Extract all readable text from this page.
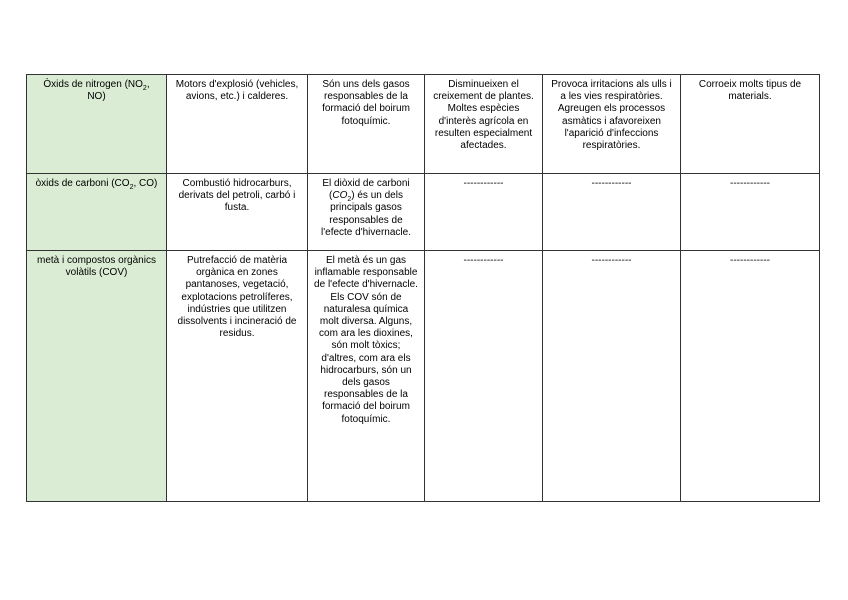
Òxids de nitrogen ($NO_2$, NO)	Motors d'explosió (vehicles, avions, etc.) i calderes.	Són uns dels gasos responsables de la formació del boirum fotoquímic.	Disminueixen el creixement de plantes. Moltes espècies d'interès agrícola en resulten especialment afectades.	Provoca irritacions als ulls i a les vies respiratòries. Agreugen els processos asmàtics i afavoreixen l'aparició d'infeccions respiratòries.	Corroeix molts tipus de materials.
òxids de carboni ($CO_2$, CO)	Combustió hidrocarburs, derivats del petroli, carbó i fusta.	El diòxid de carboni $(CO_2)$ és un dels principals gasos responsables de l'efecte d'hivernacle.	------------	------------	------------
metà i compostos orgànics volàtils (COV)	Putrefacció de matèria orgànica en zones pantanoses, vegetació, explotacions petrolíferes, indústries que utilitzen dissolvents i incineració de residus.	El metà és un gas inflamable responsable de l'efecte d'hivernacle. Els COV són de naturalesa química molt diversa. Alguns, com ara les dioxines, són molt tòxics; d'altres, com ara els hidrocarburs, són un dels gasos responsables de la formació del boirum fotoquímic.	------------	------------	------------
